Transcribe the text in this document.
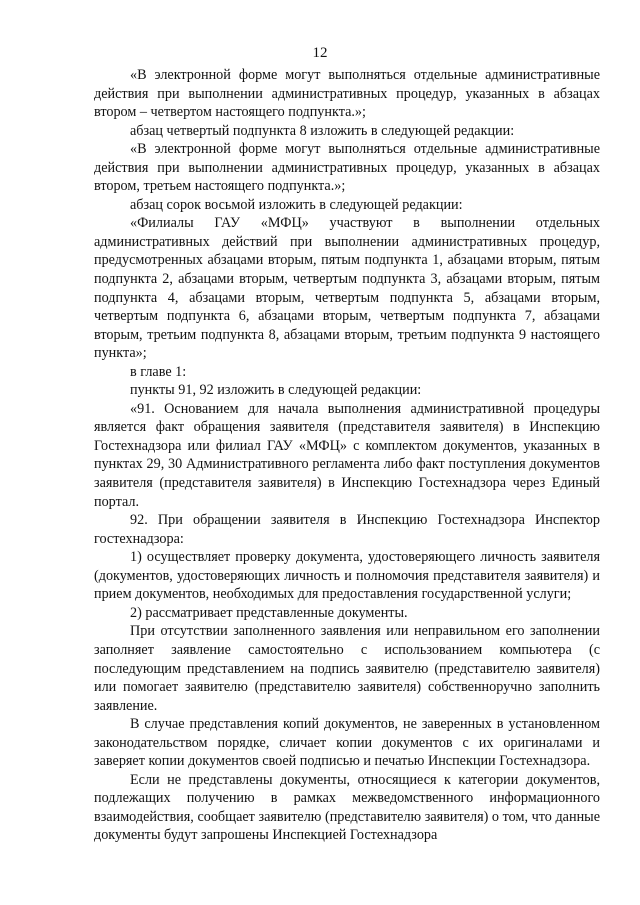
12

«В электронной форме могут выполняться отдельные административные действия при выполнении административных процедур, указанных в абзацах втором – четвертом настоящего подпункта.»;

абзац четвертый подпункта 8 изложить в следующей редакции:

«В электронной форме могут выполняться отдельные административные действия при выполнении административных процедур, указанных в абзацах втором, третьем настоящего подпункта.»;

абзац сорок восьмой изложить в следующей редакции:

«Филиалы ГАУ «МФЦ» участвуют в выполнении отдельных административных действий при выполнении административных процедур, предусмотренных абзацами вторым, пятым подпункта 1, абзацами вторым, пятым подпункта 2, абзацами вторым, четвертым подпункта 3, абзацами вторым, пятым подпункта 4, абзацами вторым, четвертым подпункта 5, абзацами вторым, четвертым подпункта 6, абзацами вторым, четвертым подпункта 7, абзацами вторым, третьим подпункта 8, абзацами вторым, третьим подпункта 9 настоящего пункта»;

в главе 1:

пункты 91, 92 изложить в следующей редакции:

«91. Основанием для начала выполнения административной процедуры является факт обращения заявителя (представителя заявителя) в Инспекцию Гостехнадзора или филиал ГАУ «МФЦ» с комплектом документов, указанных в пунктах 29, 30 Административного регламента либо факт поступления документов заявителя (представителя заявителя) в Инспекцию Гостехнадзора через Единый портал.

92. При обращении заявителя в Инспекцию Гостехнадзора Инспектор гостехнадзора:

1) осуществляет проверку документа, удостоверяющего личность заявителя (документов, удостоверяющих личность и полномочия представителя заявителя) и прием документов, необходимых для предоставления государственной услуги;

2) рассматривает представленные документы.

При отсутствии заполненного заявления или неправильном его заполнении заполняет заявление самостоятельно с использованием компьютера (с последующим представлением на подпись заявителю (представителю заявителя) или помогает заявителю (представителю заявителя) собственноручно заполнить заявление.

В случае представления копий документов, не заверенных в установленном законодательством порядке, сличает копии документов с их оригиналами и заверяет копии документов своей подписью и печатью Инспекции Гостехнадзора.

Если не представлены документы, относящиеся к категории документов, подлежащих получению в рамках межведомственного информационного взаимодействия, сообщает заявителю (представителю заявителя) о том, что данные документы будут запрошены Инспекцией Гостехнадзора
